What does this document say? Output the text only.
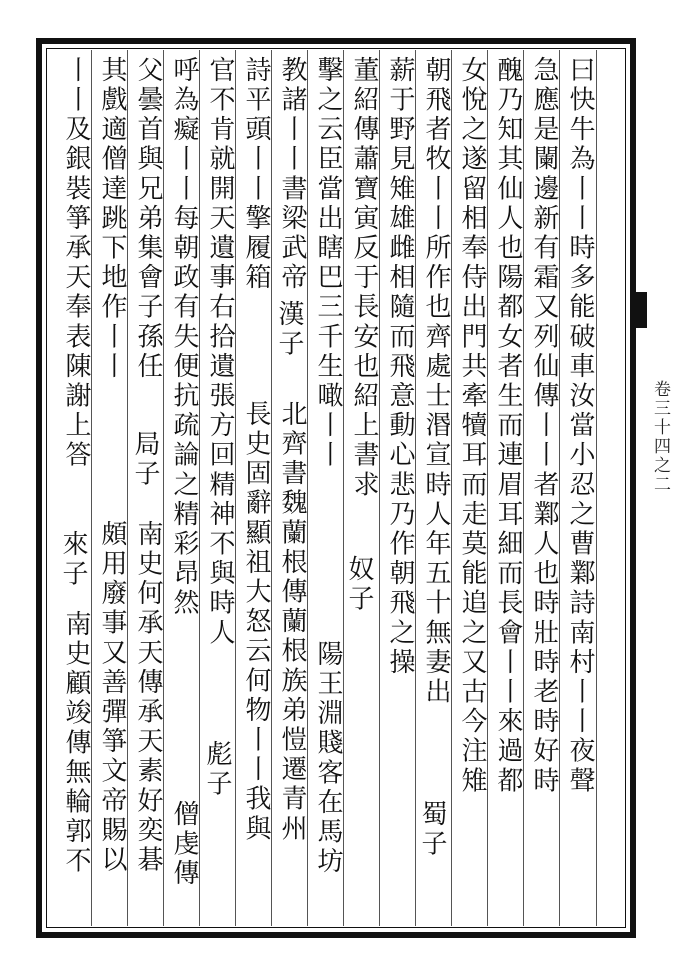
卷三十四之二
曰快牛為丨丨時多能破車汝當小忍之曹鄴詩南村丨丨夜聲
急應是闌邊新有霜又列仙傳丨丨者鄴人也時壯時老時好時
醜乃知其仙人也陽都女者生而連眉耳細而長會丨丨來過都
女悅之遂留相奉侍出門共牽犢耳而走莫能追之又古今注雉
朝飛者牧丨丨所作也齊處士湣宣時人年五十無妻出
蜀子
薪于野見雉雄雌相隨而飛意動心悲乃作朝飛之操
董紹傳蕭寶寅反于長安也紹上書求
奴子
擊之云臣當出瞎巴三千生噉丨丨
陽王淵賤客在馬坊
教諸丨丨書梁武帝
漢子
北齊書魏蘭根傳蘭根族弟愷遷青州
詩平頭丨丨擎履箱
長史固辭顯祖大怒云何物丨丨我與
官不肯就開天遺事右拾遺張方回精神不與時人
彪子
呼為癡丨丨每朝政有失便抗疏論之精彩昂然
僧虔傳
父曇首與兄弟集會子孫任
局子
南史何承天傳承天素好奕碁
其戲適僧達跳下地作丨丨
頗用廢事又善彈箏文帝賜以
丨丨及銀裝箏承天奉表陳謝上答
來子
南史顧竣傳無輪郭不
